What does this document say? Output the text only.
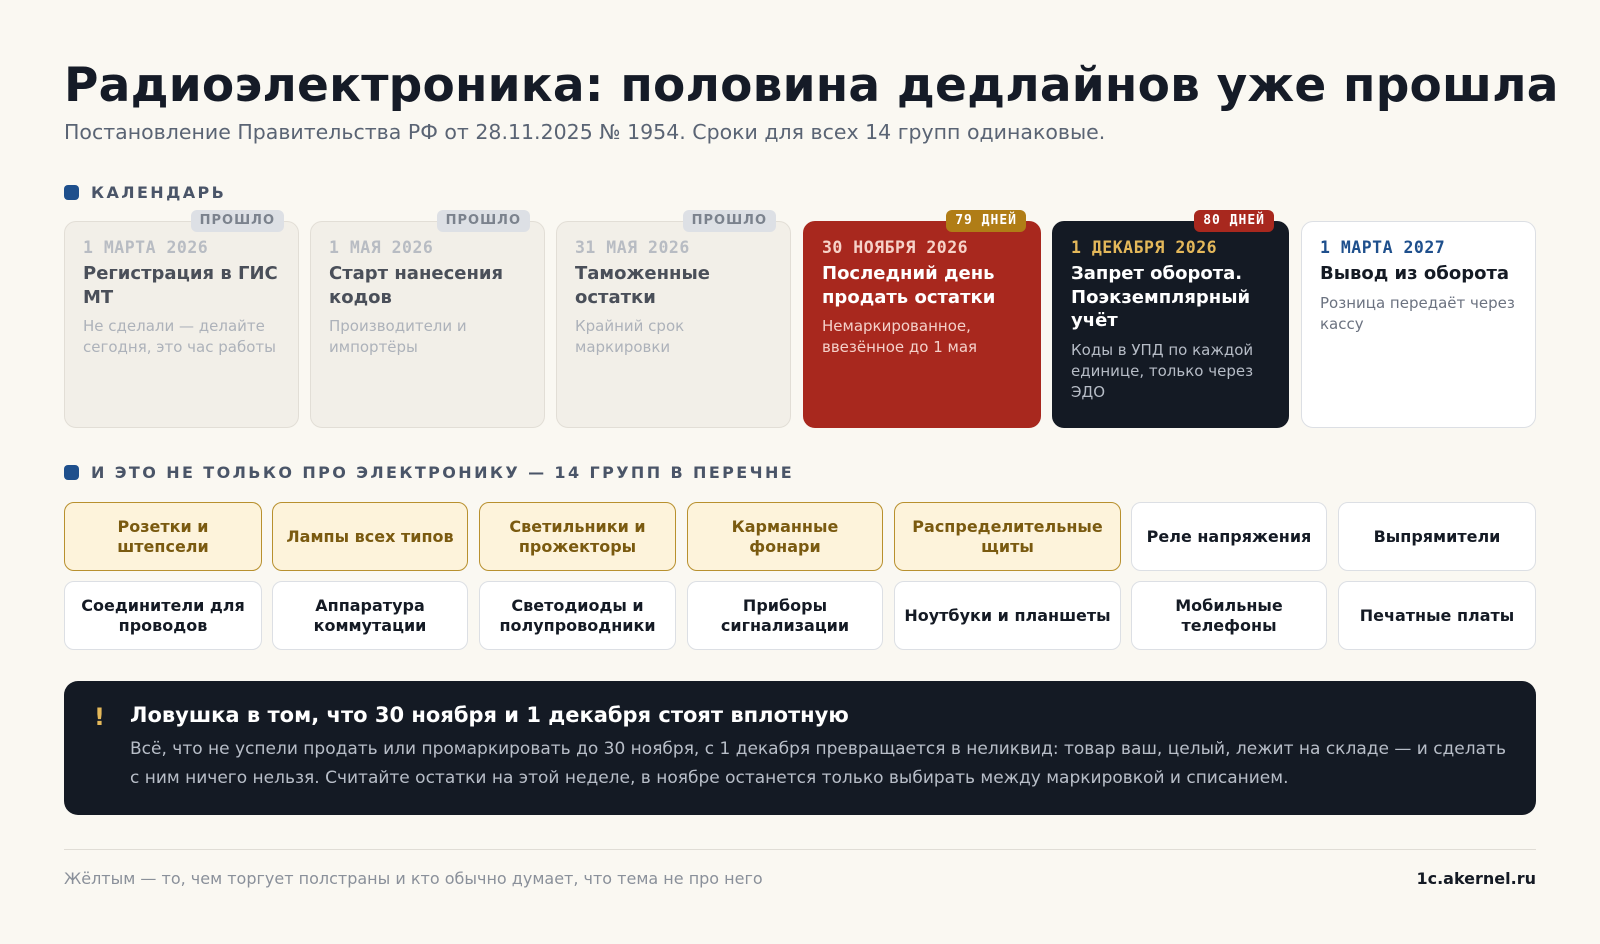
Радиоэлектроника: половина дедлайнов уже прошла
Постановление Правительства РФ от 28.11.2025 № 1954. Сроки для всех 14 групп одинаковые.
КАЛЕНДАРЬ
ПРОШЛО
1 МАРТА 2026
Регистрация в ГИС МТ
Не сделали — делайте сегодня, это час работы
ПРОШЛО
1 МАЯ 2026
Старт нанесения кодов
Производители и импортёры
ПРОШЛО
31 МАЯ 2026
Таможенные остатки
Крайний срок маркировки
79 ДНЕЙ
30 НОЯБРЯ 2026
Последний день продать остатки
Немаркированное, ввезённое до 1 мая
80 ДНЕЙ
1 ДЕКАБРЯ 2026
Запрет оборота. Поэкземплярный учёт
Коды в УПД по каждой единице, только через ЭДО
1 МАРТА 2027
Вывод из оборота
Розница передаёт через кассу
И ЭТО НЕ ТОЛЬКО ПРО ЭЛЕКТРОНИКУ — 14 ГРУПП В ПЕРЕЧНЕ
Розетки и штепсели
Лампы всех типов
Светильники и прожекторы
Карманные фонари
Распределительные щиты
Реле напряжения	Выпрямители
Соединители для проводов
Аппаратура коммутации
Светодиоды и полупроводники
Приборы сигнализации
Ноутбуки и планшеты
Мобильные телефоны
Печатные платы
! Ловушка в том, что 30 ноября и 1 декабря стоят вплотную
Всё, что не успели продать или промаркировать до 30 ноября, с 1 декабря превращается в неликвид: товар ваш, целый, лежит на складе — и сделать с ним ничего нельзя. Считайте остатки на этой неделе, в ноябре останется только выбирать между маркировкой и списанием.
Жёлтым — то, чем торгует полстраны и кто обычно думает, что тема не про него	1c.akernel.ru
